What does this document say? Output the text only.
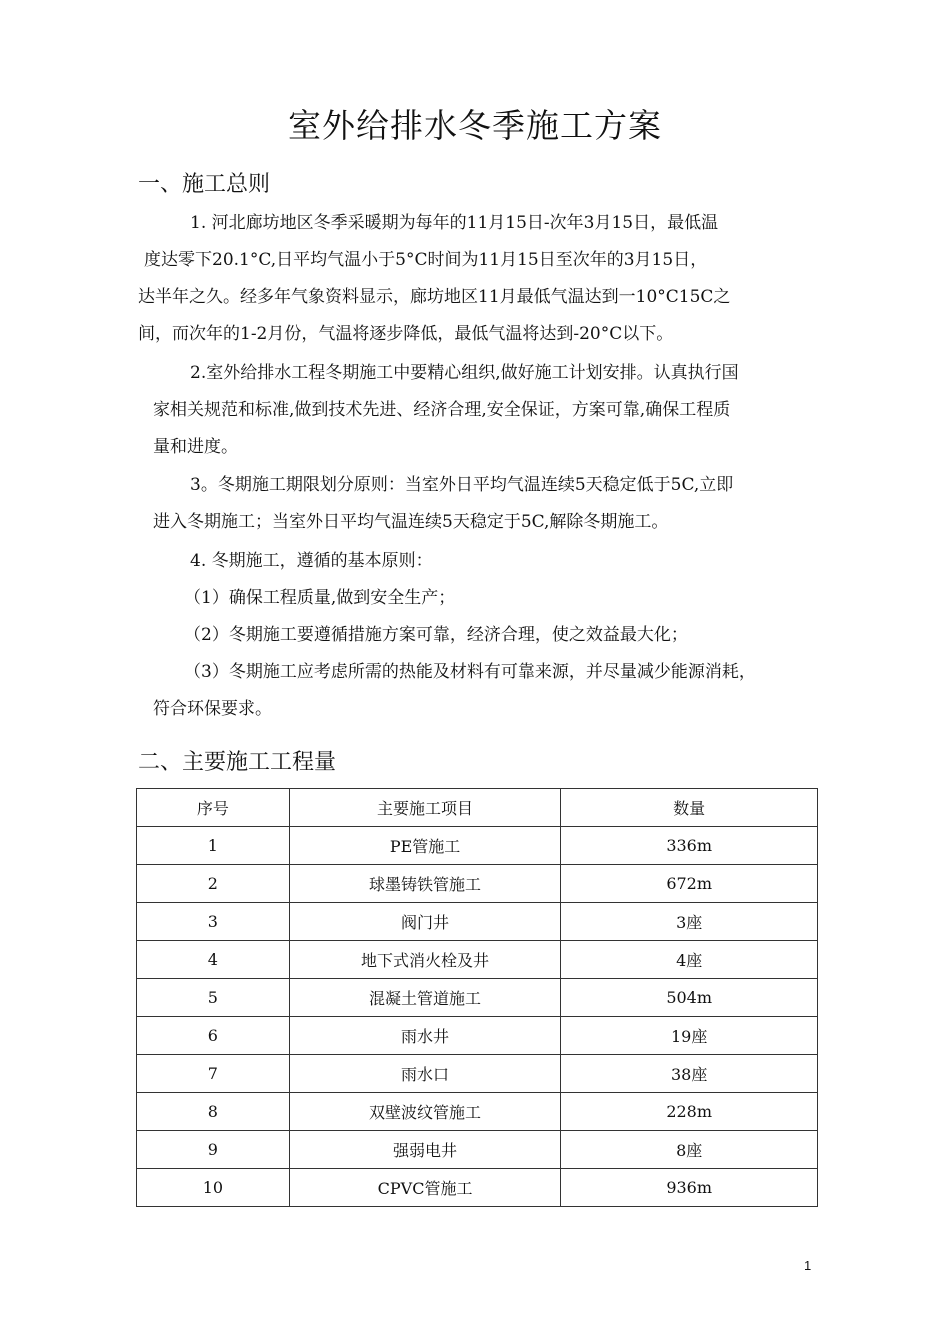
室外给排水冬季施工方案
一、施工总则
1. 河北廊坊地区冬季采暖期为每年的11月15日-次年3月15日，最低温
度达零下20.1°C,日平均气温小于5°C时间为11月15日至次年的3月15日，
达半年之久。经多年气象资料显示，廊坊地区11月最低气温达到一10°C15C之
间，而次年的1-2月份，气温将逐步降低，最低气温将达到-20°C以下。
2.室外给排水工程冬期施工中要精心组织,做好施工计划安排。认真执行国
家相关规范和标准,做到技术先进、经济合理,安全保证，方案可靠,确保工程质
量和进度。
3。冬期施工期限划分原则：当室外日平均气温连续5天稳定低于5C,立即
进入冬期施工；当室外日平均气温连续5天稳定于5C,解除冬期施工。
4. 冬期施工，遵循的基本原则：
（1）确保工程质量,做到安全生产；
（2）冬期施工要遵循措施方案可靠，经济合理，使之效益最大化；
（3）冬期施工应考虑所需的热能及材料有可靠来源，并尽量减少能源消耗，
符合环保要求。
二、主要施工工程量
序号	主要施工项目	数量
1	PE管施工	336m
2	球墨铸铁管施工	672m
3	阀门井	3座
4	地下式消火栓及井	4座
5	混凝土管道施工	504m
6	雨水井	19座
7	雨水口	38座
8	双壁波纹管施工	228m
9	强弱电井	8座
10	CPVC管施工	936m
1
